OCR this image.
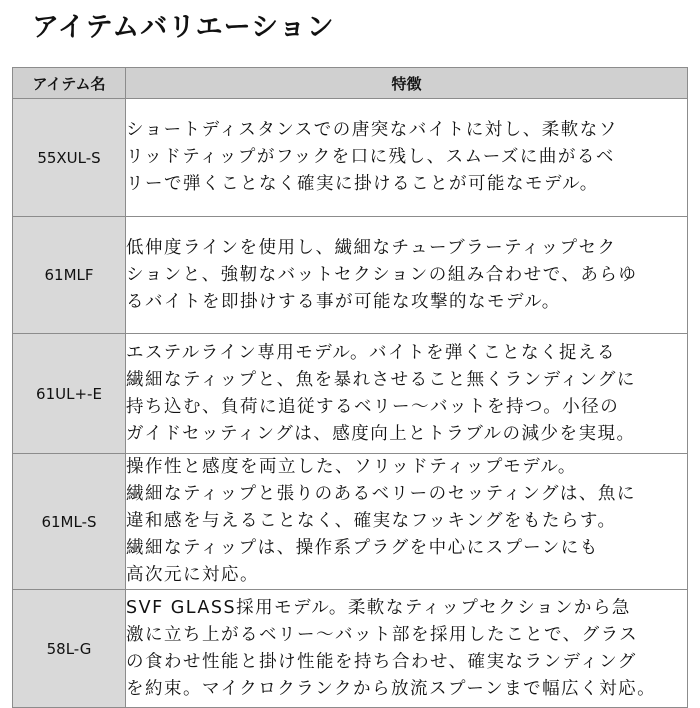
アイテムバリエーション
アイテム名	特徴
55XUL-S	ショートディスタンスでの唐突なバイトに対し、柔軟なソ
リッドティップがフックを口に残し、スムーズに曲がるベ
リーで弾くことなく確実に掛けることが可能なモデル。
61MLF	低伸度ラインを使用し、繊細なチューブラーティップセク
ションと、強靭なバットセクションの組み合わせで、あらゆ
るバイトを即掛けする事が可能な攻撃的なモデル。
61UL+-E	エステルライン専用モデル。バイトを弾くことなく捉える
繊細なティップと、魚を暴れさせること無くランディングに
持ち込む、負荷に追従するベリー～バットを持つ。小径の
ガイドセッティングは、感度向上とトラブルの減少を実現。
61ML-S	操作性と感度を両立した、ソリッドティップモデル。
繊細なティップと張りのあるベリーのセッティングは、魚に
違和感を与えることなく、確実なフッキングをもたらす。
繊細なティップは、操作系プラグを中心にスプーンにも
高次元に対応。
58L-G	SVF GLASS採用モデル。柔軟なティップセクションから急
激に立ち上がるベリー～バット部を採用したことで、グラス
の食わせ性能と掛け性能を持ち合わせ、確実なランディング
を約束。マイクロクランクから放流スプーンまで幅広く対応。
